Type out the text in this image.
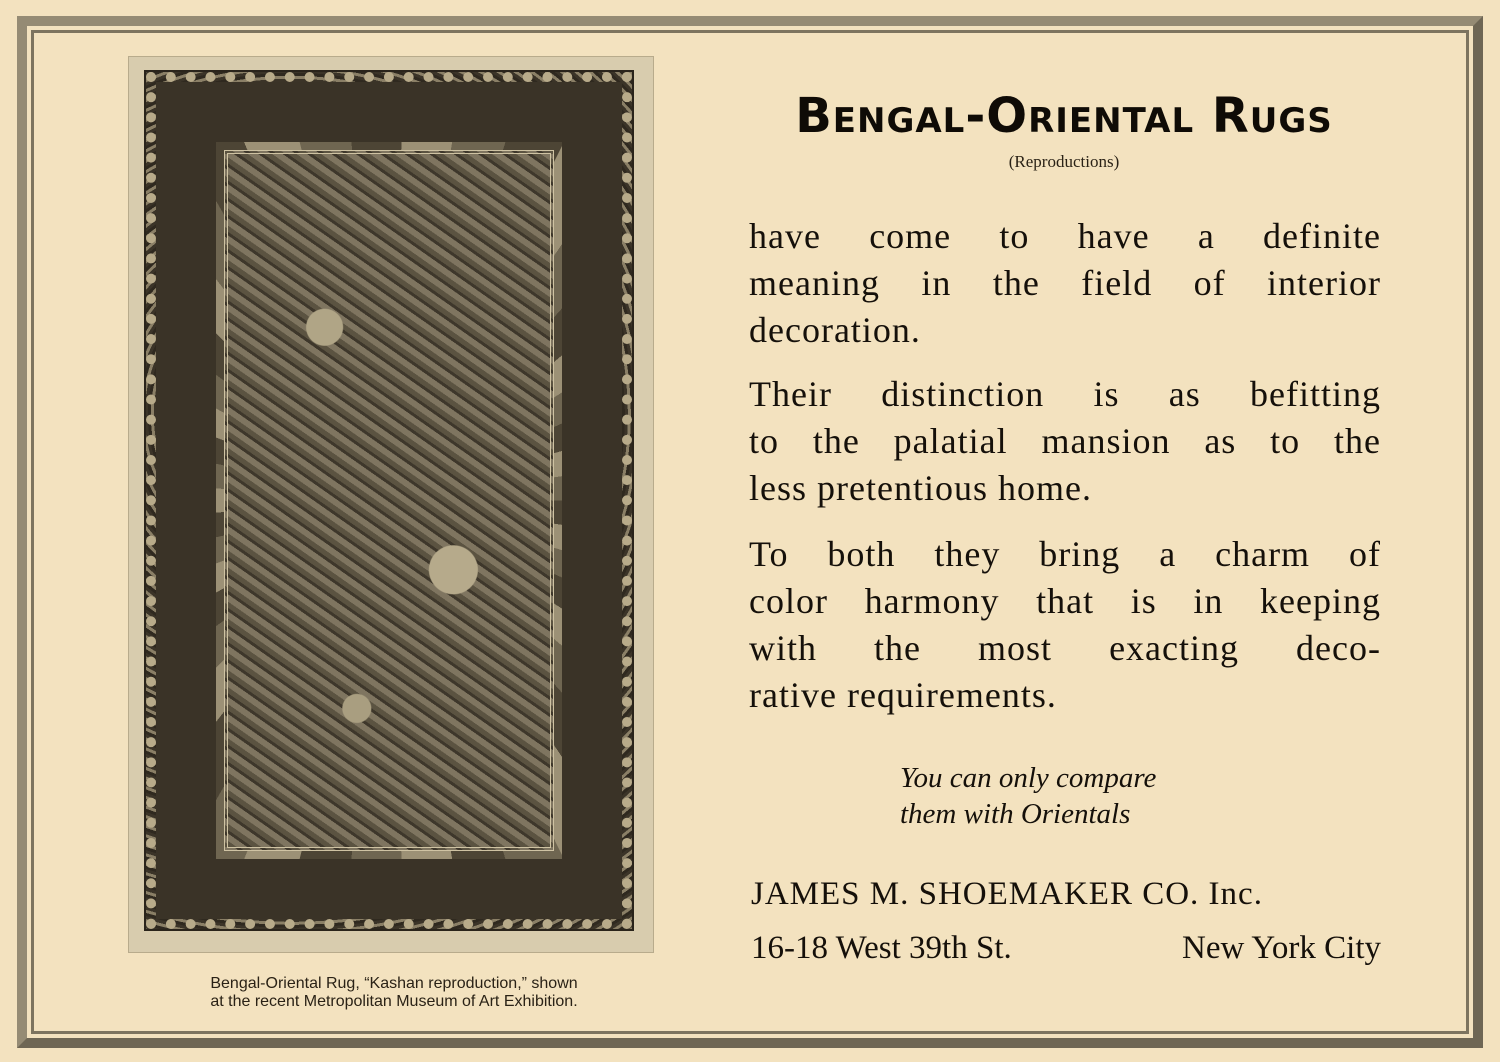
Bengal-Oriental Rug, “Kashan reproduction,” shown
at the recent Metropolitan Museum of Art Exhibition.
Bengal-Oriental Rugs
(Reproductions)
have come to have a definite
meaning in the field of interior
decoration.
Their distinction is as befitting
to the palatial mansion as to the
less pretentious home.
To both they bring a charm of
color harmony that is in keeping
with the most exacting deco-
rative requirements.
You can only compare
them with Orientals
JAMES M. SHOEMAKER CO. Inc.
16-18 West 39th St.	New York City
